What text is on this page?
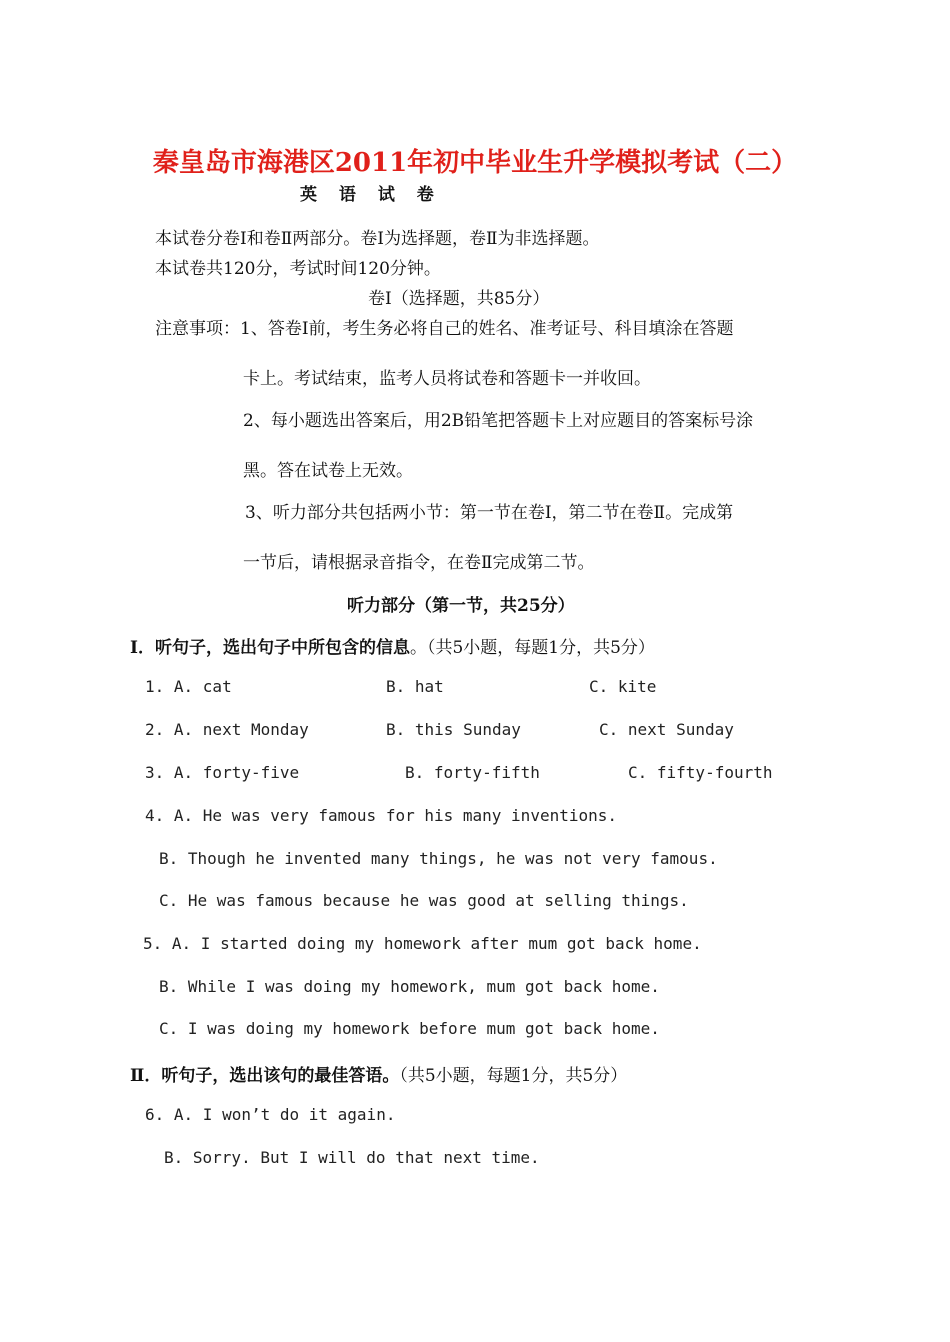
秦皇岛市海港区2011年初中毕业生升学模拟考试（二）
英 语 试 卷
本试卷分卷Ⅰ和卷Ⅱ两部分。卷Ⅰ为选择题，卷Ⅱ为非选择题。
本试卷共120分，考试时间120分钟。
卷Ⅰ（选择题，共85分）
注意事项：1、答卷Ⅰ前，考生务必将自己的姓名、准考证号、科目填涂在答题
卡上。考试结束，监考人员将试卷和答题卡一并收回。
2、每小题选出答案后，用2B铅笔把答题卡上对应题目的答案标号涂
黑。答在试卷上无效。
3、听力部分共包括两小节：第一节在卷Ⅰ，第二节在卷Ⅱ。完成第
一节后，请根据录音指令，在卷Ⅱ完成第二节。
听力部分（第一节，共25分）
Ⅰ．听句子，选出句子中所包含的信息。（共5小题，每题1分，共5分）
1. A. cat	B. hat	C. kite
2. A. next Monday	B. this Sunday	C. next Sunday
3. A. forty-five	B. forty-fifth	C. fifty-fourth
4. A. He was very famous for his many inventions.
B. Though he invented many things, he was not very famous.
C. He was famous because he was good at selling things.
5. A. I started doing my homework after mum got back home.
B. While I was doing my homework, mum got back home.
C. I was doing my homework before mum got back home.
Ⅱ．听句子，选出该句的最佳答语。（共5小题，每题1分，共5分）
6. A. I won’t do it again.
B. Sorry. But I will do that next time.
